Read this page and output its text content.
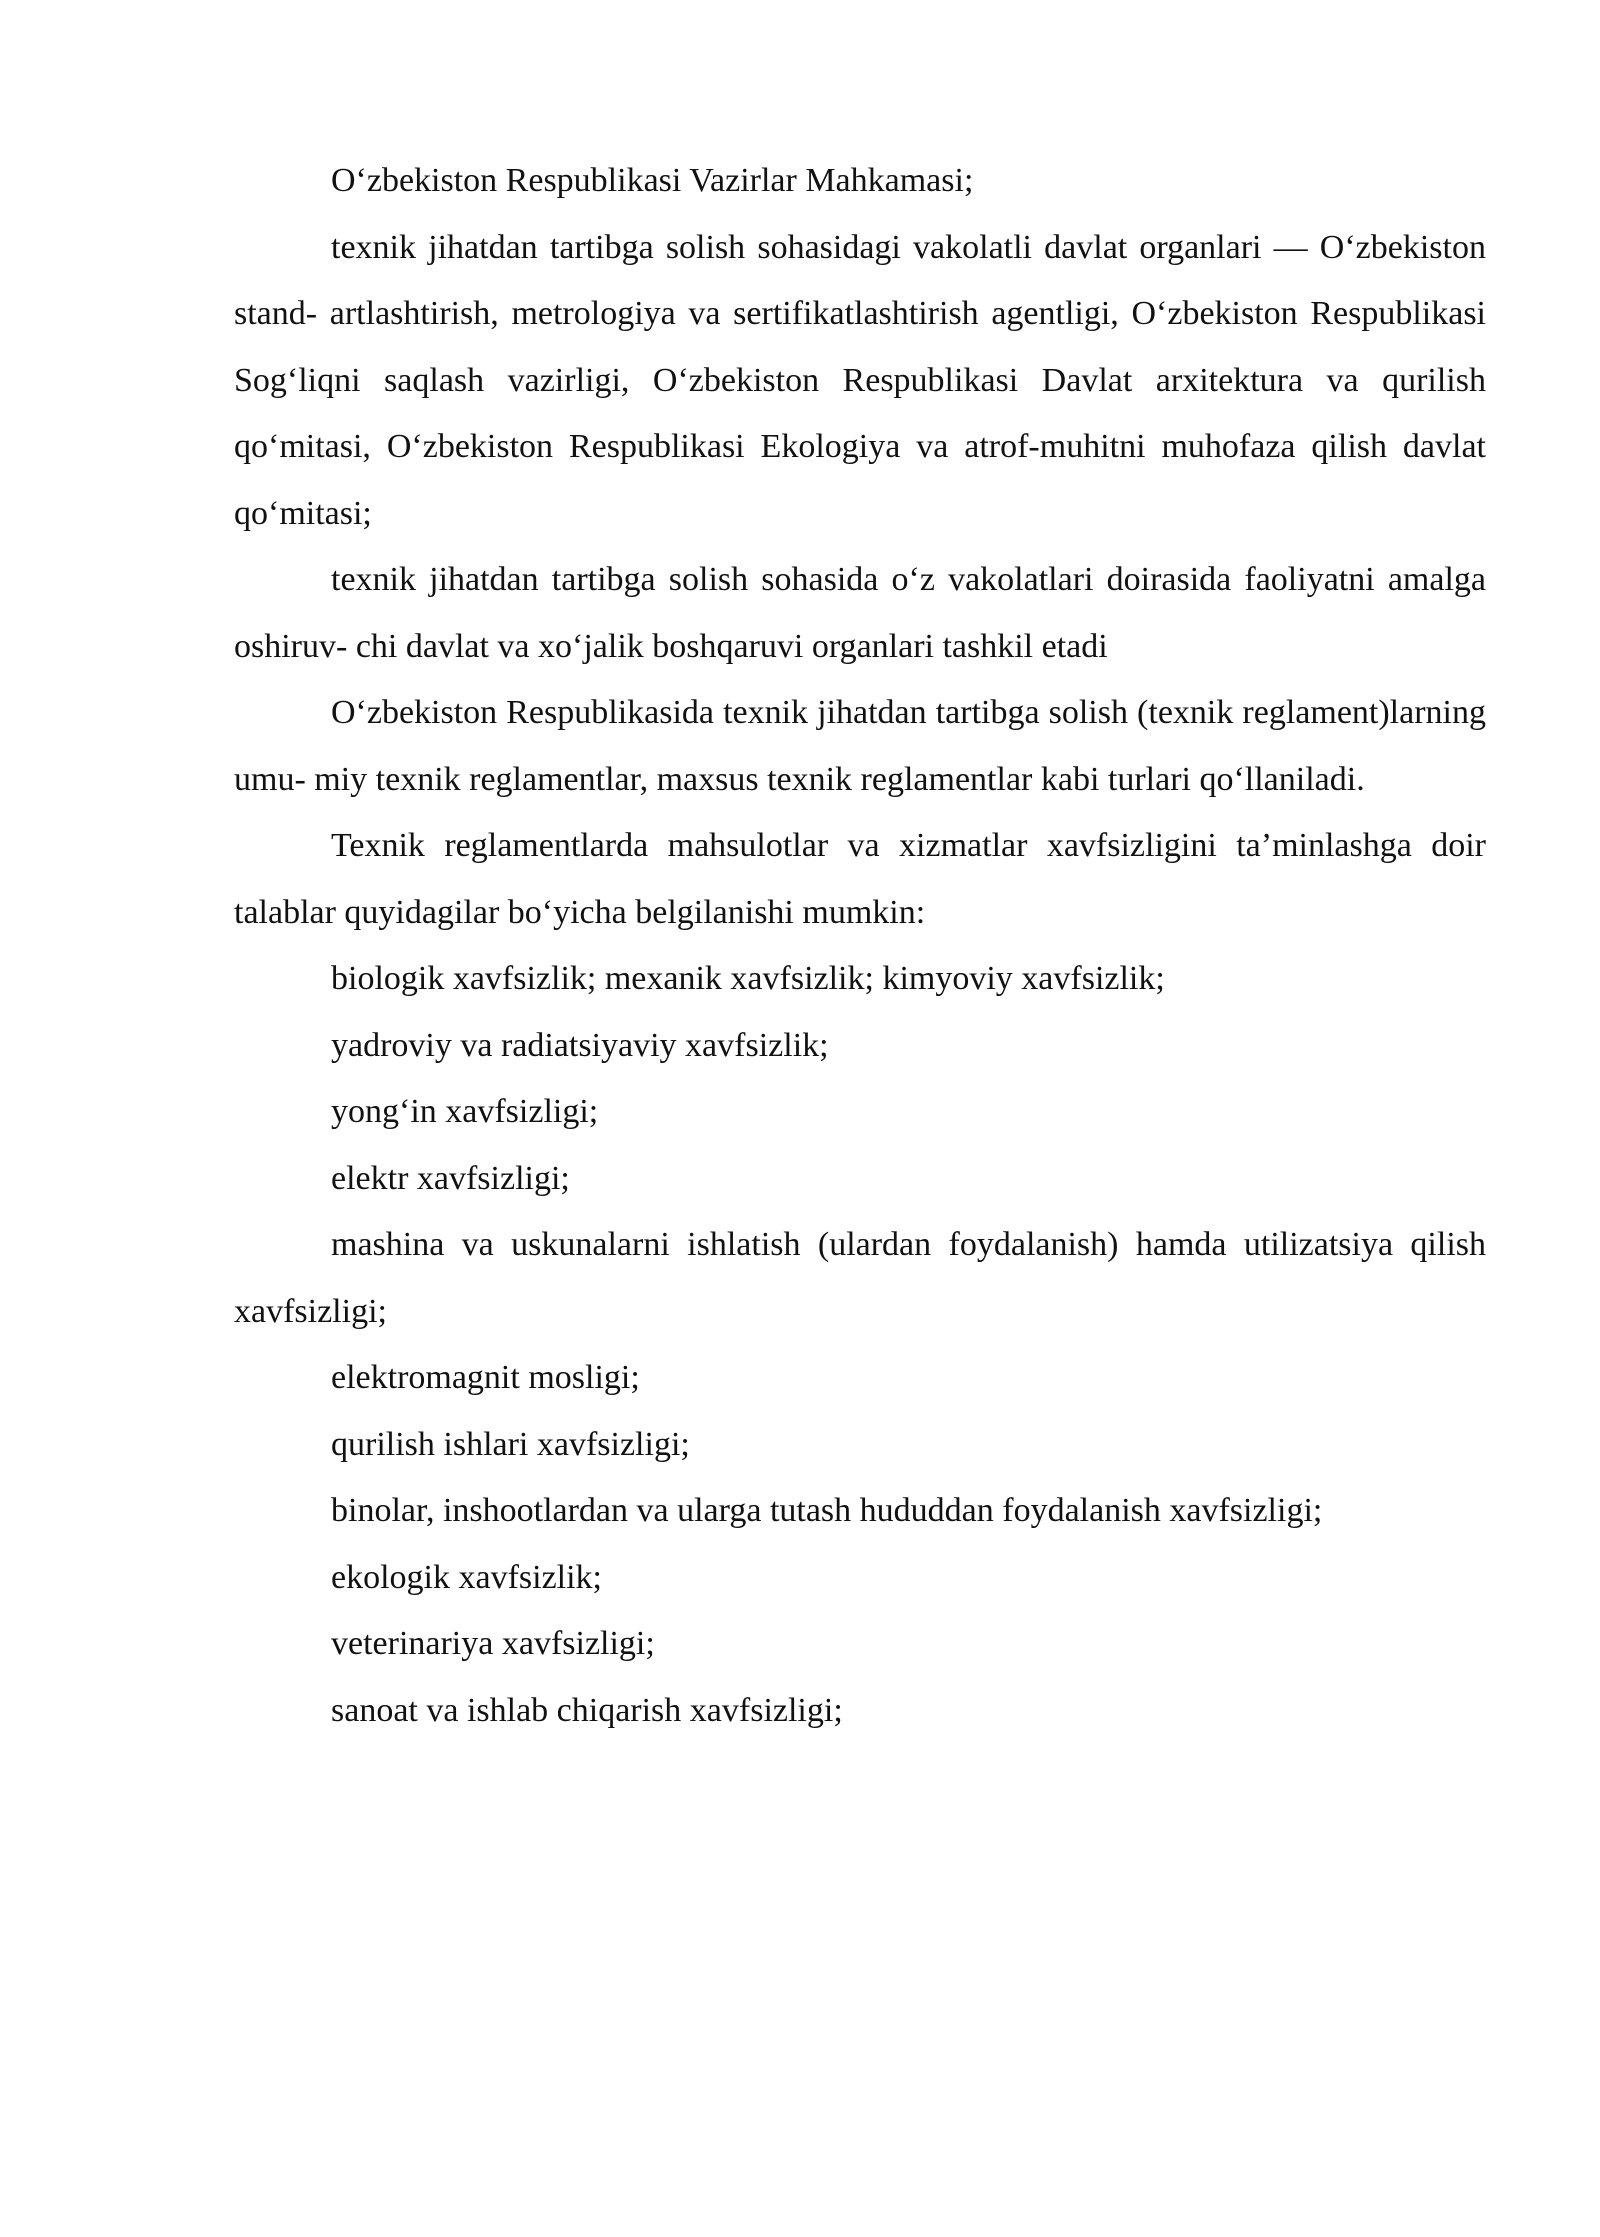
O‘zbekiston Respublikasi Vazirlar Mahkamasi;

texnik jihatdan tartibga solish sohasidagi vakolatli davlat organlari — O‘zbekiston stand- artlashtirish, metrologiya va sertifikatlashtirish agentligi, O‘zbekiston Respublikasi Sog‘liqni saqlash vazirligi, O‘zbekiston Respublikasi Davlat arxitektura va qurilish qo‘mitasi, O‘zbekiston Respublikasi Ekologiya va atrof-muhitni muhofaza qilish davlat qo‘mitasi;

texnik jihatdan tartibga solish sohasida o‘z vakolatlari doirasida faoliyatni amalga oshiruv- chi davlat va xo‘jalik boshqaruvi organlari tashkil etadi

O‘zbekiston Respublikasida texnik jihatdan tartibga solish (texnik reglament)larning umu- miy texnik reglamentlar, maxsus texnik reglamentlar kabi turlari qo‘llaniladi.

Texnik reglamentlarda mahsulotlar va xizmatlar xavfsizligini ta’minlashga doir talablar quyidagilar bo‘yicha belgilanishi mumkin:

biologik xavfsizlik; mexanik xavfsizlik; kimyoviy xavfsizlik;

yadroviy va radiatsiyaviy xavfsizlik;

yong‘in xavfsizligi;

elektr xavfsizligi;

mashina va uskunalarni ishlatish (ulardan foydalanish) hamda utilizatsiya qilish xavfsizligi;

elektromagnit mosligi;

qurilish ishlari xavfsizligi;

binolar, inshootlardan va ularga tutash hududdan foydalanish xavfsizligi;

ekologik xavfsizlik;

veterinariya xavfsizligi;

sanoat va ishlab chiqarish xavfsizligi;
